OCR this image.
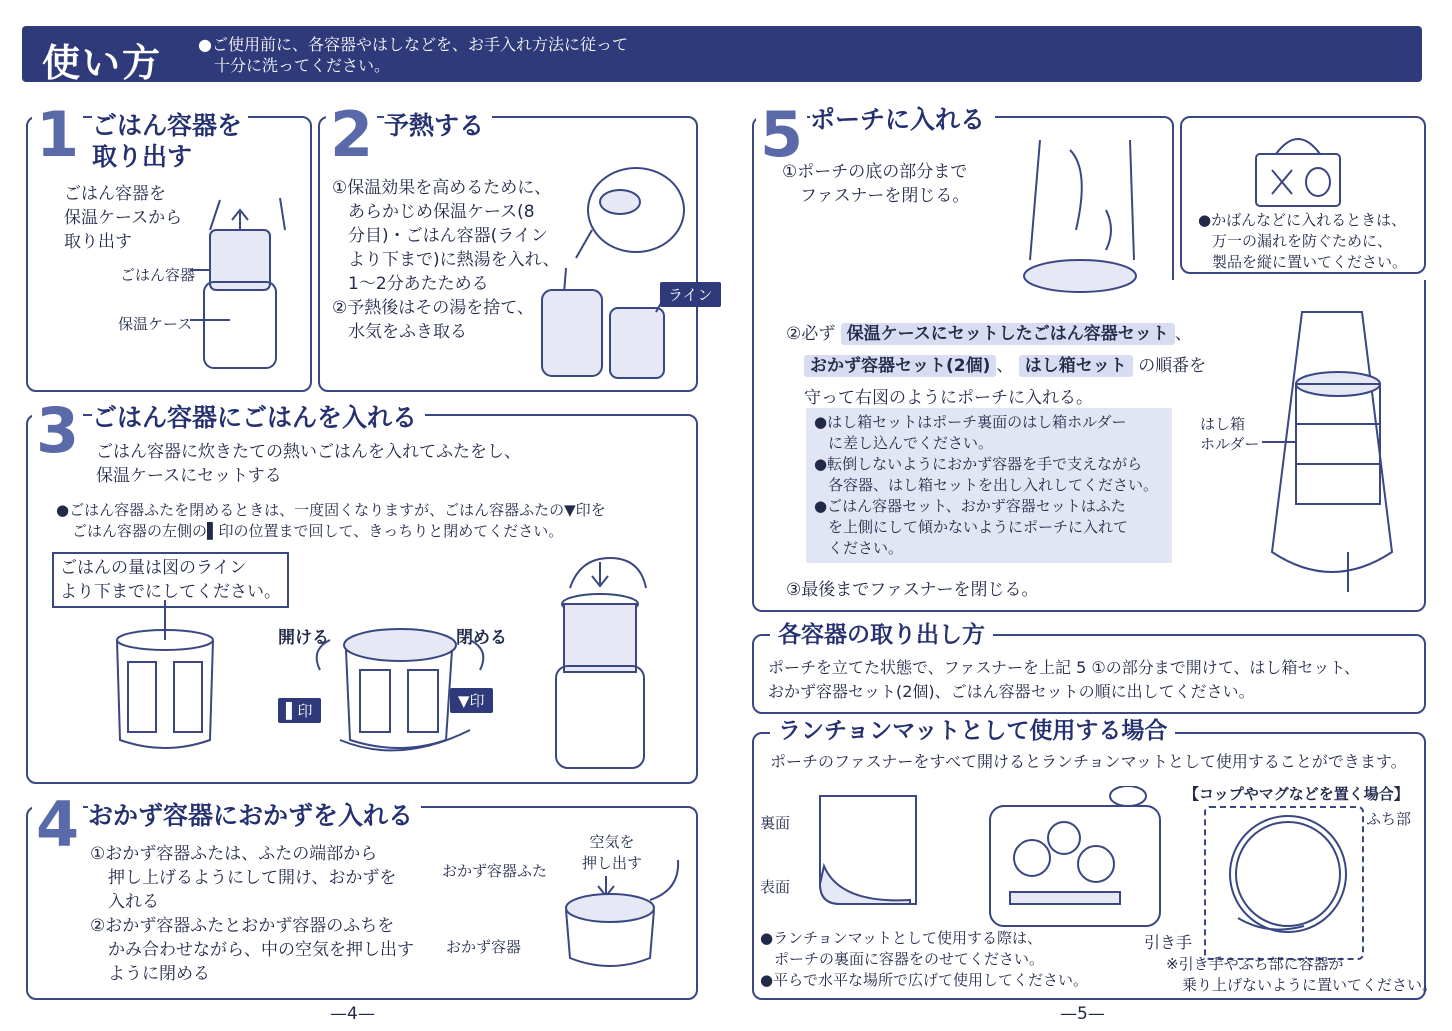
使い方 ●ご使用前に、各容器やはしなどを、お手入れ方法に従って
十分に洗ってください。
1 ごはん容器を
取り出す
ごはん容器を
保温ケースから
取り出す
ごはん容器
保温ケース
2 予熱する
①保温効果を高めるために、
あらかじめ保温ケース(8
分目)・ごはん容器(ライン
より下まで)に熱湯を入れ、
1〜2分あたためる
②予熱後はその湯を捨て、
水気をふき取る
ライン
3 ごはん容器にごはんを入れる
ごはん容器に炊きたての熱いごはんを入れてふたをし、
保温ケースにセットする
●ごはん容器ふたを閉めるときは、一度固くなりますが、ごはん容器ふたの▼印を
ごはん容器の左側の▌印の位置まで回して、きっちりと閉めてください。
ごはんの量は図のライン
より下までにしてください。
開ける	閉める
▌印
▼印
4 おかず容器におかずを入れる
①おかず容器ふたは、ふたの端部から
押し上げるようにして開け、おかずを
入れる
②おかず容器ふたとおかず容器のふちを
かみ合わせながら、中の空気を押し出す
ように閉める
空気を
押し出す
おかず容器ふた
おかず容器
—4—
5 ポーチに入れる
①ポーチの底の部分まで
ファスナーを閉じる。
●かばんなどに入れるときは、
万一の漏れを防ぐために、
製品を縦に置いてください。
②必ず 保温ケースにセットしたごはん容器セット 、
おかず容器セット(2個) 、 はし箱セット の順番を
守って右図のようにポーチに入れる。
●はし箱セットはポーチ裏面のはし箱ホルダー
に差し込んでください。
●転倒しないようにおかず容器を手で支えながら
各容器、はし箱セットを出し入れしてください。
●ごはん容器セット、おかず容器セットはふた
を上側にして傾かないようにポーチに入れて
ください。
はし箱
ホルダー
③最後までファスナーを閉じる。
各容器の取り出し方
ポーチを立てた状態で、ファスナーを上記 5 ①の部分まで開けて、はし箱セット、
おかず容器セット(2個)、ごはん容器セットの順に出してください。
ランチョンマットとして使用する場合
ポーチのファスナーをすべて開けるとランチョンマットとして使用することができます。
【コップやマグなどを置く場合】
裏面
表面
ふち部
引き手
●ランチョンマットとして使用する際は、
ポーチの裏面に容器をのせてください。
●平らで水平な場所で広げて使用してください。
※引き手やふち部に容器が
乗り上げないように置いてください。
—5—
